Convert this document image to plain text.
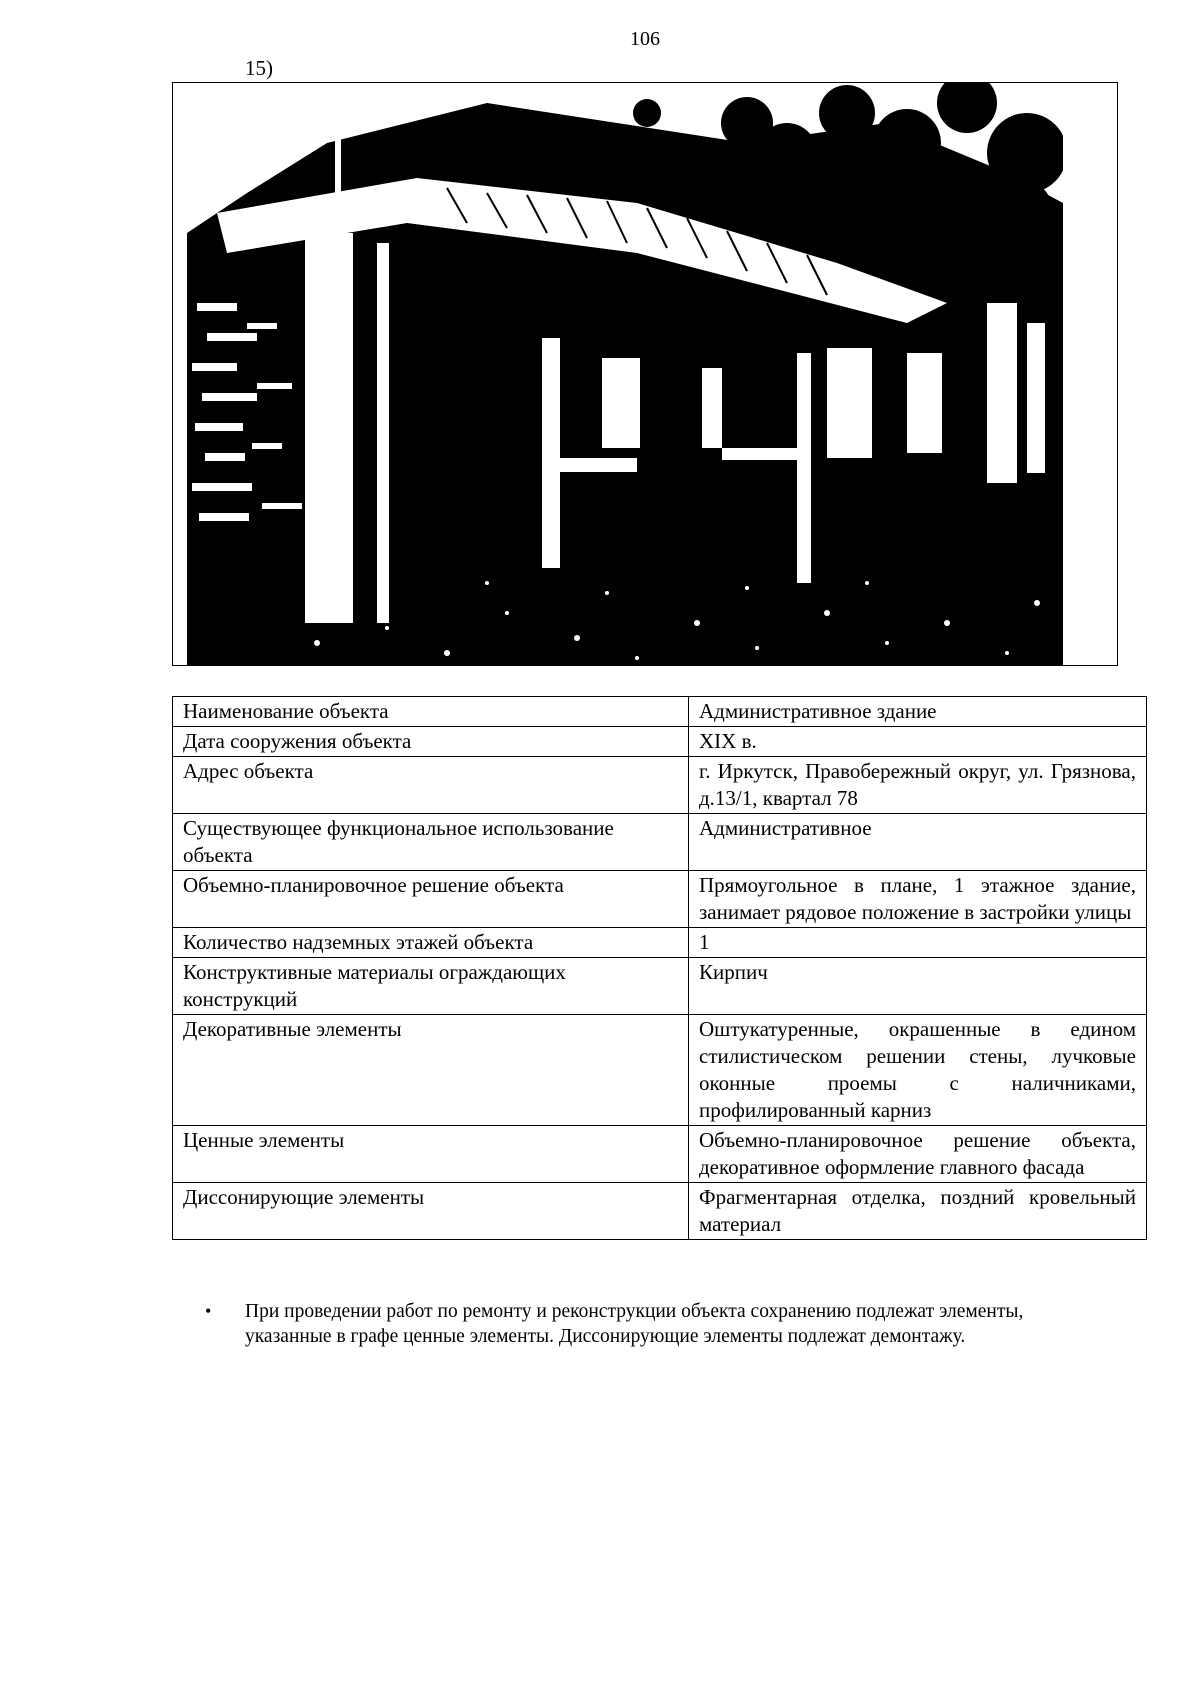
106
15)
Наименование объекта	Административное здание
Дата сооружения объекта	XIX в.
Адрес объекта	г. Иркутск, Правобережный округ, ул. Грязнова, д.13/1, квартал 78
Существующее функциональное использование объекта	Административное
Объемно-планировочное решение объекта	Прямоугольное в плане, 1 этажное здание, занимает рядовое положение в застройки улицы
Количество надземных этажей объекта	1
Конструктивные материалы ограждающих конструкций	Кирпич
Декоративные элементы	Оштукатуренные, окрашенные в едином стилистическом решении стены, лучковые оконные проемы с наличниками, профилированный карниз
Ценные элементы	Объемно-планировочное решение объекта, декоративное оформление главного фасада
Диссонирующие элементы	Фрагментарная отделка, поздний кровельный материал
•	При проведении работ по ремонту и реконструкции объекта сохранению подлежат элементы, указанные в графе ценные элементы. Диссонирующие элементы подлежат демонтажу.
